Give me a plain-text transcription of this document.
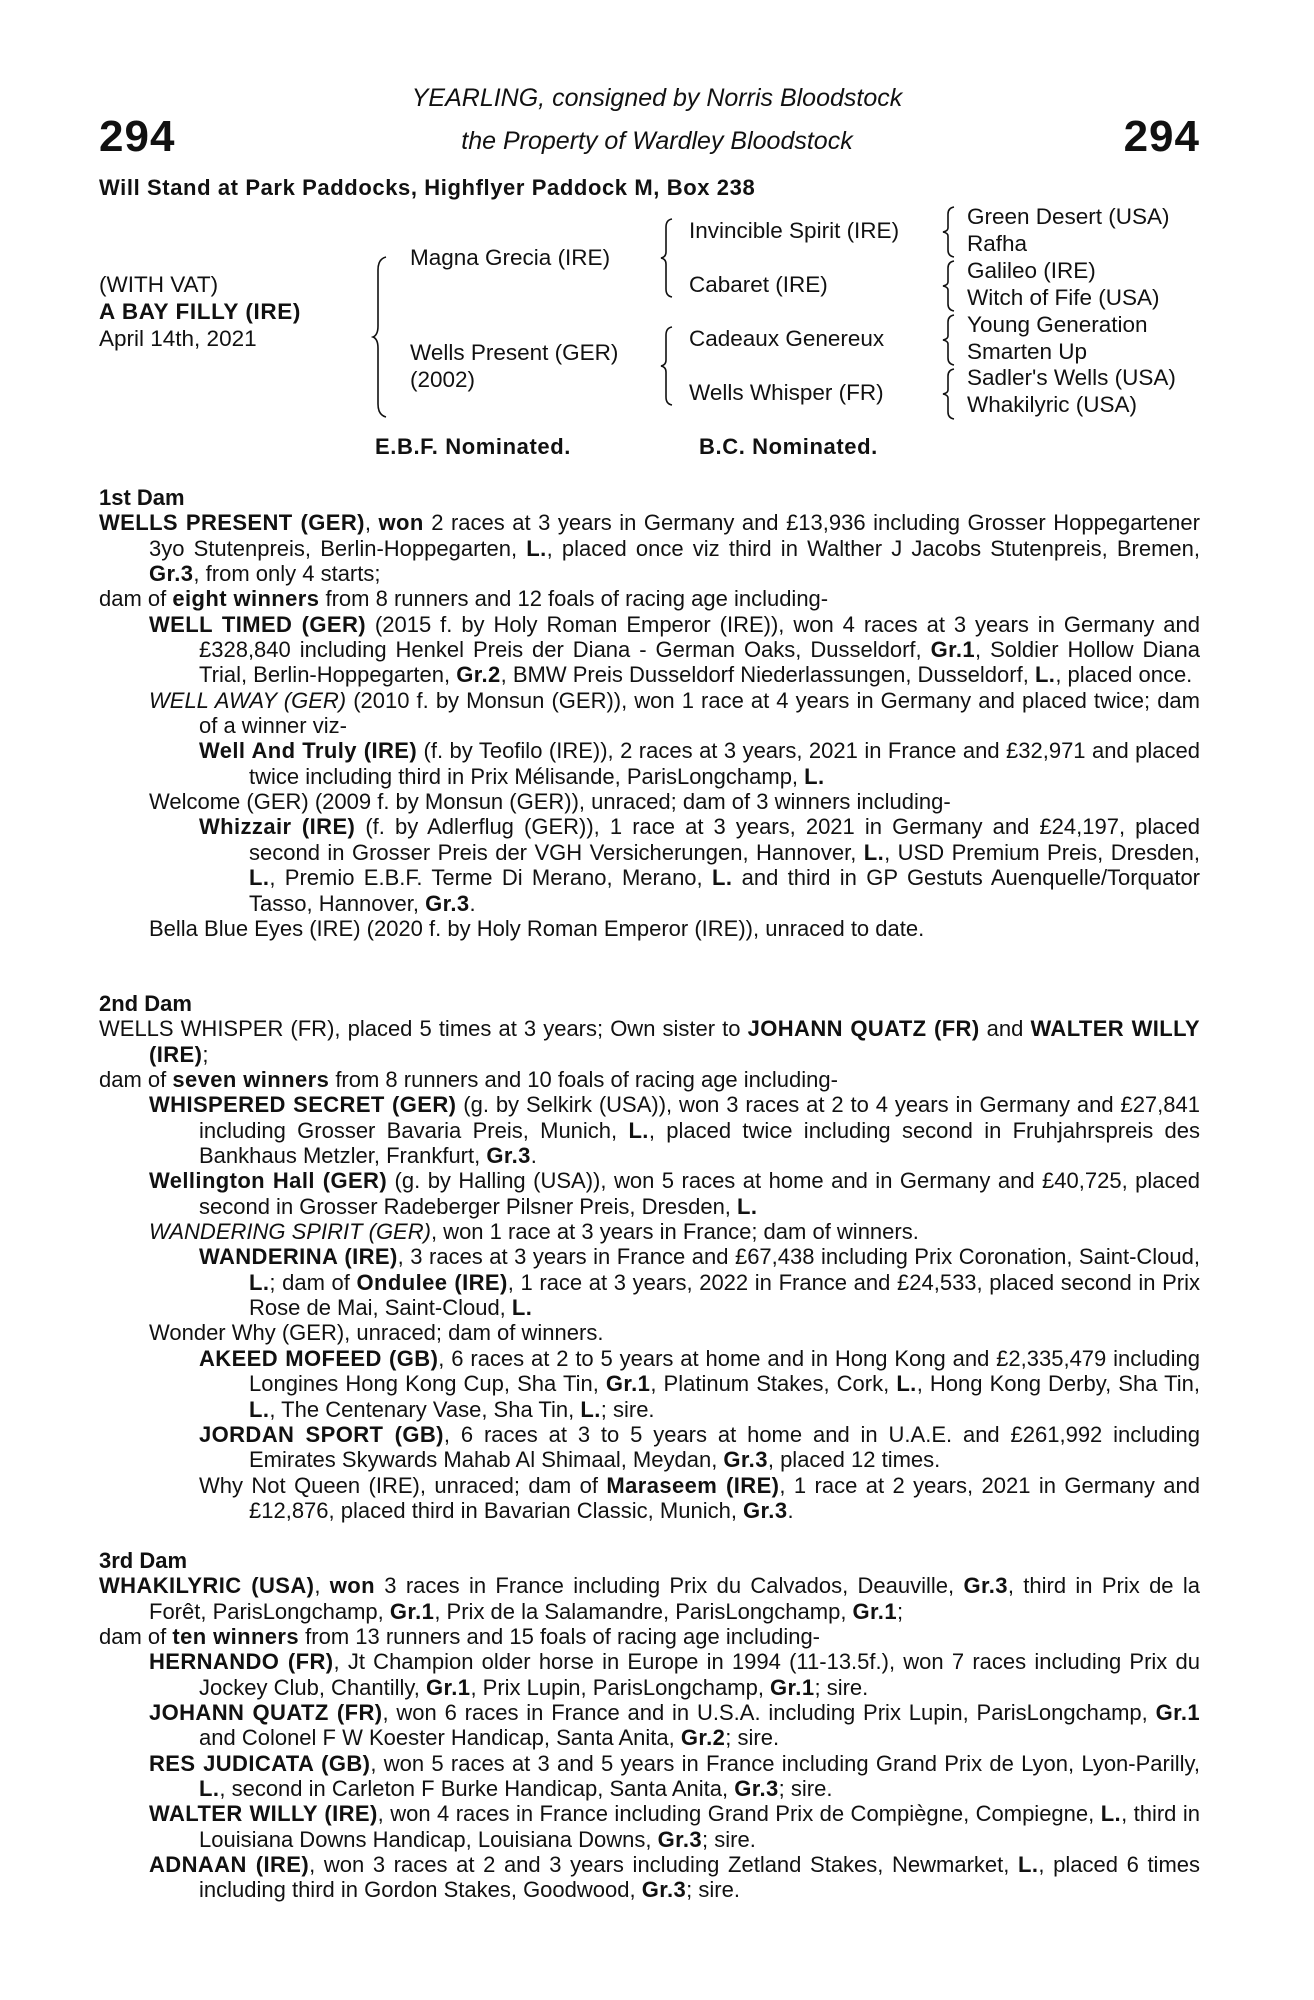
294	294
YEARLING, consigned by Norris Bloodstock
the Property of Wardley Bloodstock
Will Stand at Park Paddocks, Highflyer Paddock M, Box 238
(WITH VAT)
A BAY FILLY (IRE)
April 14th, 2021
Magna Grecia (IRE)
Wells Present (GER)
(2002)
Invincible Spirit (IRE)
Cabaret (IRE)
Cadeaux Genereux
Wells Whisper (FR)
Green Desert (USA)
Rafha
Galileo (IRE)
Witch of Fife (USA)
Young Generation
Smarten Up
Sadler's Wells (USA)
Whakilyric (USA)
E.B.F. Nominated.	B.C. Nominated.
1st Dam
WELLS PRESENT (GER), won 2 races at 3 years in Germany and £13,936 including Grosser Hoppegartener 3yo Stutenpreis, Berlin-Hoppegarten, L., placed once viz third in Walther J Jacobs Stutenpreis, Bremen, Gr.3, from only 4 starts;
dam of eight winners from 8 runners and 12 foals of racing age including-
WELL TIMED (GER) (2015 f. by Holy Roman Emperor (IRE)), won 4 races at 3 years in Germany and £328,840 including Henkel Preis der Diana - German Oaks, Dusseldorf, Gr.1, Soldier Hollow Diana Trial, Berlin-Hoppegarten, Gr.2, BMW Preis Dusseldorf Niederlassungen, Dusseldorf, L., placed once.
WELL AWAY (GER) (2010 f. by Monsun (GER)), won 1 race at 4 years in Germany and placed twice; dam of a winner viz-
Well And Truly (IRE) (f. by Teofilo (IRE)), 2 races at 3 years, 2021 in France and £32,971 and placed twice including third in Prix Mélisande, ParisLongchamp, L.
Welcome (GER) (2009 f. by Monsun (GER)), unraced; dam of 3 winners including-
Whizzair (IRE) (f. by Adlerflug (GER)), 1 race at 3 years, 2021 in Germany and £24,197, placed second in Grosser Preis der VGH Versicherungen, Hannover, L., USD Premium Preis, Dresden, L., Premio E.B.F. Terme Di Merano, Merano, L. and third in GP Gestuts Auenquelle/Torquator Tasso, Hannover, Gr.3.
Bella Blue Eyes (IRE) (2020 f. by Holy Roman Emperor (IRE)), unraced to date.
2nd Dam
WELLS WHISPER (FR), placed 5 times at 3 years; Own sister to JOHANN QUATZ (FR) and WALTER WILLY (IRE);
dam of seven winners from 8 runners and 10 foals of racing age including-
WHISPERED SECRET (GER) (g. by Selkirk (USA)), won 3 races at 2 to 4 years in Germany and £27,841 including Grosser Bavaria Preis, Munich, L., placed twice including second in Fruhjahrspreis des Bankhaus Metzler, Frankfurt, Gr.3.
Wellington Hall (GER) (g. by Halling (USA)), won 5 races at home and in Germany and £40,725, placed second in Grosser Radeberger Pilsner Preis, Dresden, L.
WANDERING SPIRIT (GER), won 1 race at 3 years in France; dam of winners.
WANDERINA (IRE), 3 races at 3 years in France and £67,438 including Prix Coronation, Saint-Cloud, L.; dam of Ondulee (IRE), 1 race at 3 years, 2022 in France and £24,533, placed second in Prix Rose de Mai, Saint-Cloud, L.
Wonder Why (GER), unraced; dam of winners.
AKEED MOFEED (GB), 6 races at 2 to 5 years at home and in Hong Kong and £2,335,479 including Longines Hong Kong Cup, Sha Tin, Gr.1, Platinum Stakes, Cork, L., Hong Kong Derby, Sha Tin, L., The Centenary Vase, Sha Tin, L.; sire.
JORDAN SPORT (GB), 6 races at 3 to 5 years at home and in U.A.E. and £261,992 including Emirates Skywards Mahab Al Shimaal, Meydan, Gr.3, placed 12 times.
Why Not Queen (IRE), unraced; dam of Maraseem (IRE), 1 race at 2 years, 2021 in Germany and £12,876, placed third in Bavarian Classic, Munich, Gr.3.
3rd Dam
WHAKILYRIC (USA), won 3 races in France including Prix du Calvados, Deauville, Gr.3, third in Prix de la Forêt, ParisLongchamp, Gr.1, Prix de la Salamandre, ParisLongchamp, Gr.1;
dam of ten winners from 13 runners and 15 foals of racing age including-
HERNANDO (FR), Jt Champion older horse in Europe in 1994 (11-13.5f.), won 7 races including Prix du Jockey Club, Chantilly, Gr.1, Prix Lupin, ParisLongchamp, Gr.1; sire.
JOHANN QUATZ (FR), won 6 races in France and in U.S.A. including Prix Lupin, ParisLongchamp, Gr.1 and Colonel F W Koester Handicap, Santa Anita, Gr.2; sire.
RES JUDICATA (GB), won 5 races at 3 and 5 years in France including Grand Prix de Lyon, Lyon-Parilly, L., second in Carleton F Burke Handicap, Santa Anita, Gr.3; sire.
WALTER WILLY (IRE), won 4 races in France including Grand Prix de Compiègne, Compiegne, L., third in Louisiana Downs Handicap, Louisiana Downs, Gr.3; sire.
ADNAAN (IRE), won 3 races at 2 and 3 years including Zetland Stakes, Newmarket, L., placed 6 times including third in Gordon Stakes, Goodwood, Gr.3; sire.
